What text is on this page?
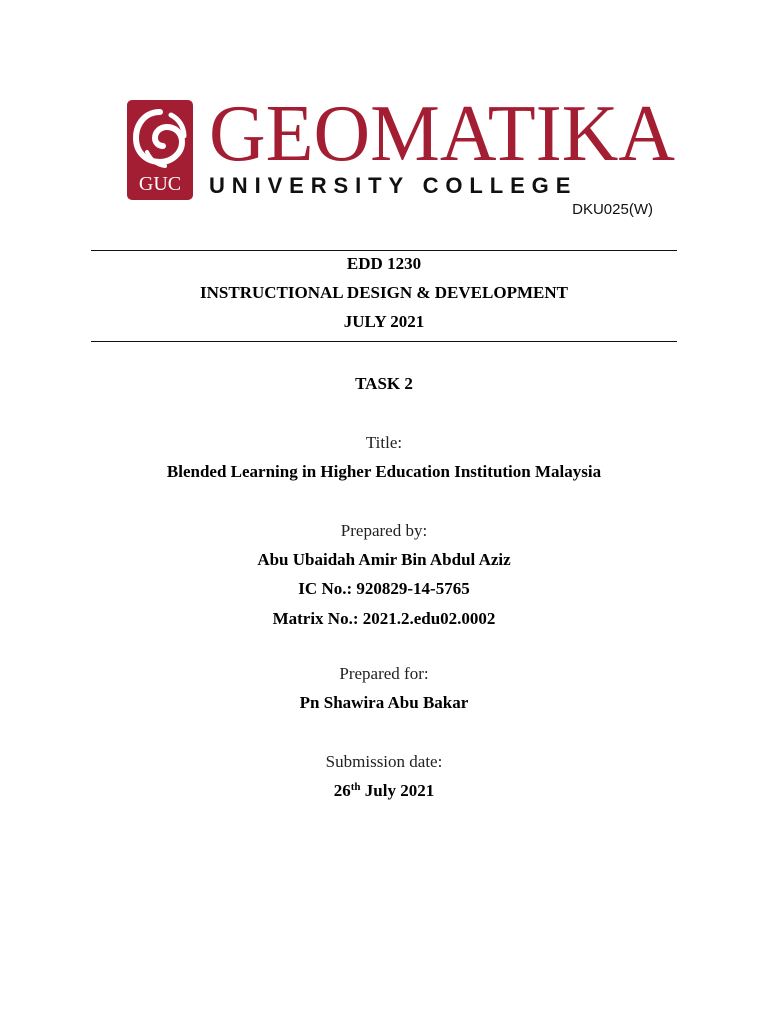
GUC
GEOMATIKA
UNIVERSITY COLLEGE
DKU025(W)
EDD 1230
INSTRUCTIONAL DESIGN & DEVELOPMENT
JULY 2021
TASK 2
Title:
Blended Learning in Higher Education Institution Malaysia
Prepared by:
Abu Ubaidah Amir Bin Abdul Aziz
IC No.: 920829-14-5765
Matrix No.: 2021.2.edu02.0002
Prepared for:
Pn Shawira Abu Bakar
Submission date:
26th July 2021
